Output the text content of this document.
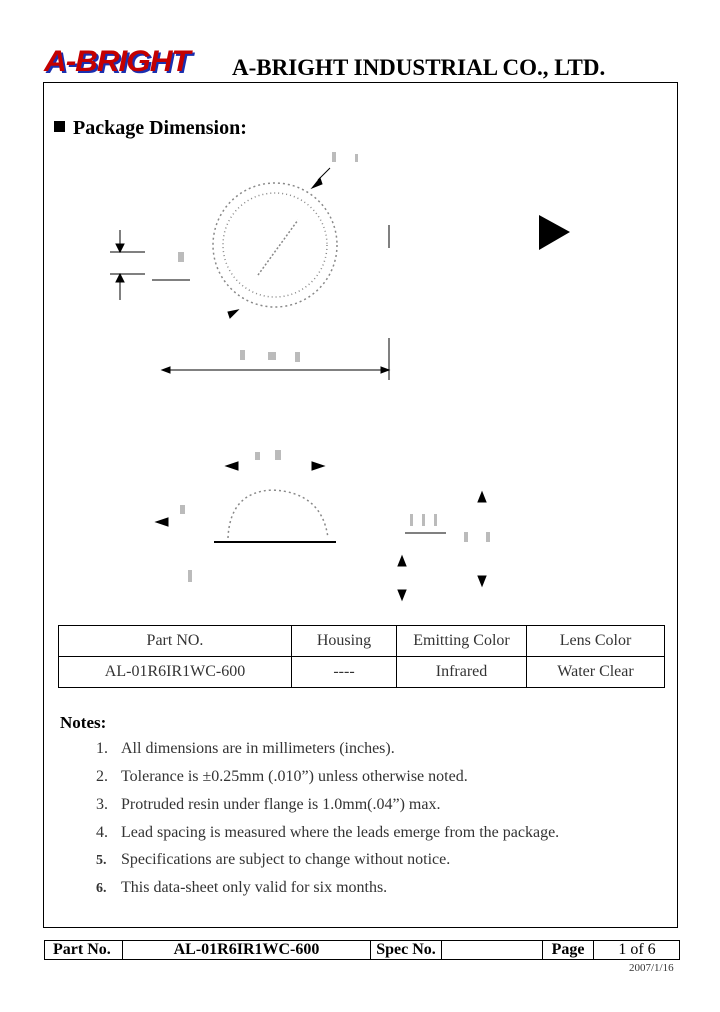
A-BRIGHT A-BRIGHT INDUSTRIAL CO., LTD.
Package Dimension:
Part NO.	Housing	Emitting Color	Lens Color
AL-01R6IR1WC-600	----	Infrared	Water Clear
Notes:
1. All dimensions are in millimeters (inches).
2. Tolerance is ±0.25mm (.010”) unless otherwise noted.
3. Protruded resin under flange is 1.0mm(.04”) max.
4. Lead spacing is measured where the leads emerge from the package.
5. Specifications are subject to change without notice.
6. This data-sheet only valid for six months.
Part No.	AL-01R6IR1WC-600	Spec No.	Page	1 of 6
2007/1/16
